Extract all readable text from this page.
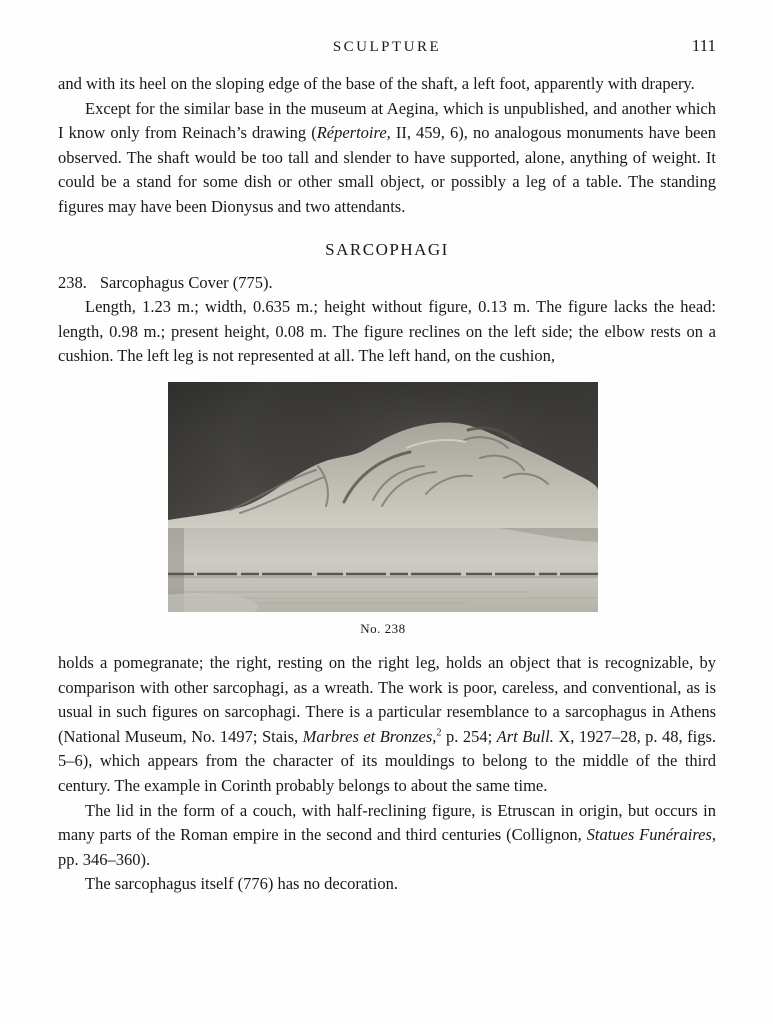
SCULPTURE	111

and with its heel on the sloping edge of the base of the shaft, a left foot, apparently with drapery.

Except for the similar base in the museum at Aegina, which is unpublished, and another which I know only from Reinach’s drawing (Répertoire, II, 459, 6), no analogous monuments have been observed. The shaft would be too tall and slender to have supported, alone, anything of weight. It could be a stand for some dish or other small object, or possibly a leg of a table. The standing figures may have been Dionysus and two attendants.

SARCOPHAGI

238. Sarcophagus Cover (775).

Length, 1.23 m.; width, 0.635 m.; height without figure, 0.13 m. The figure lacks the head: length, 0.98 m.; present height, 0.08 m. The figure reclines on the left side; the elbow rests on a cushion. The left leg is not represented at all. The left hand, on the cushion,

No. 238

holds a pomegranate; the right, resting on the right leg, holds an object that is recognizable, by comparison with other sarcophagi, as a wreath. The work is poor, careless, and conventional, as is usual in such figures on sarcophagi. There is a particular resemblance to a sarcophagus in Athens (National Museum, No. 1497; Stais, Marbres et Bronzes,$^2$ p. 254; Art Bull. X, 1927–28, p. 48, figs. 5–6), which appears from the character of its mouldings to belong to the middle of the third century. The example in Corinth probably belongs to about the same time.

The lid in the form of a couch, with half-reclining figure, is Etruscan in origin, but occurs in many parts of the Roman empire in the second and third centuries (Collignon, Statues Funéraires, pp. 346–360).

The sarcophagus itself (776) has no decoration.
